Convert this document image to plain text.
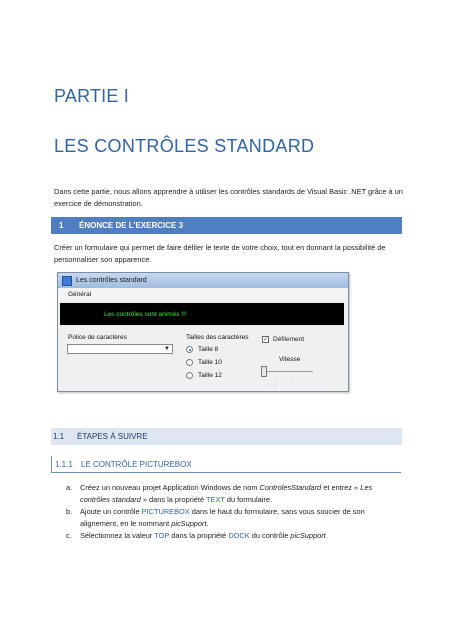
PARTIE I
LES CONTRÔLES STANDARD
Dans cette partie, nous allons apprendre à utiliser les contrôles standards de Visual Basic .NET grâce à un exercice de démonstration.
1	ÉNONCE DE L’EXERCICE 3
Créer un formulaire qui permet de faire défiler le texte de votre choix, tout en donnant la possibilité de personnaliser son apparence.
Les contrôles standard
Général
Les contrôles sont animés !!!
Police de caractères
▼
Tailles des caractères
Taille 8
Taille 10
Taille 12
✓ Défilement
Vitesse
· · · · · · ·
1.1	ÉTAPES À SUIVRE
1.1.1	LE CONTRÔLE PICTUREBOX
a.	Créez un nouveau projet Application Windows de nom ControlesStandard et entrez « Les contrôles standard » dans la propriété TEXT du formulaire.
b.	Ajoute un contrôle PICTUREBOX dans le haut du formulaire, sans vous soucier de son alignement, en le nommant picSupport.
c.	Sélectionnez la valeur TOP dans la propriété DOCK du contrôle picSupport
